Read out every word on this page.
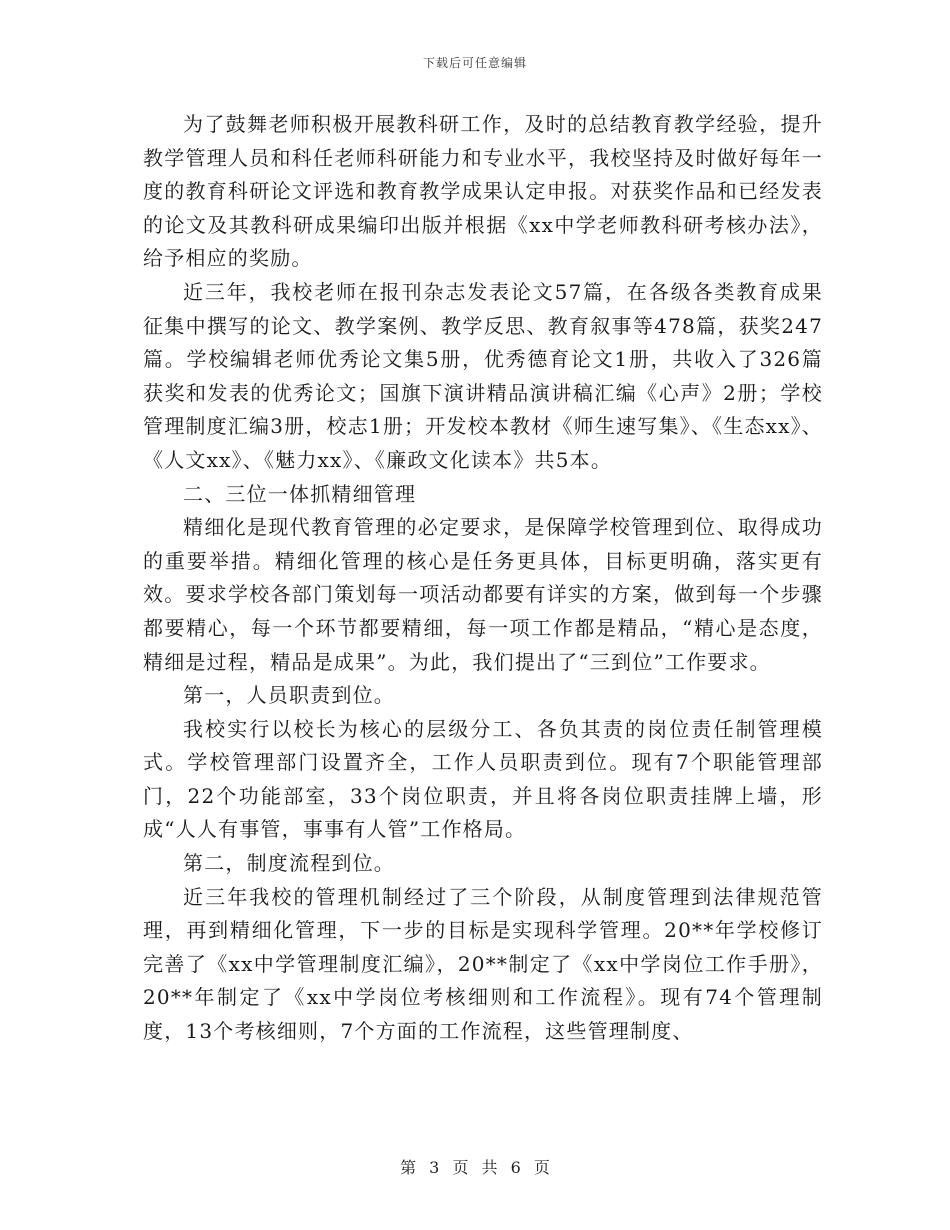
下载后可任意编辑

为了鼓舞老师积极开展教科研工作，及时的总结教育教学经验，提升教学管理人员和科任老师科研能力和专业水平，我校坚持及时做好每年一度的教育科研论文评选和教育教学成果认定申报。对获奖作品和已经发表的论文及其教科研成果编印出版并根据《xx中学老师教科研考核办法》，给予相应的奖励。

近三年，我校老师在报刊杂志发表论文57篇，在各级各类教育成果征集中撰写的论文、教学案例、教学反思、教育叙事等478篇，获奖247篇。学校编辑老师优秀论文集5册，优秀德育论文1册，共收入了326篇获奖和发表的优秀论文；国旗下演讲精品演讲稿汇编《心声》2册；学校管理制度汇编3册，校志1册；开发校本教材《师生速写集》、《生态xx》、《人文xx》、《魅力xx》、《廉政文化读本》共5本。

二、三位一体抓精细管理

精细化是现代教育管理的必定要求，是保障学校管理到位、取得成功的重要举措。精细化管理的核心是任务更具体，目标更明确，落实更有效。要求学校各部门策划每一项活动都要有详实的方案，做到每一个步骤都要精心，每一个环节都要精细，每一项工作都是精品，“精心是态度，精细是过程，精品是成果”。为此，我们提出了“三到位”工作要求。

第一，人员职责到位。

我校实行以校长为核心的层级分工、各负其责的岗位责任制管理模式。学校管理部门设置齐全，工作人员职责到位。现有7个职能管理部门，22个功能部室，33个岗位职责，并且将各岗位职责挂牌上墙，形成“人人有事管，事事有人管”工作格局。

第二，制度流程到位。

近三年我校的管理机制经过了三个阶段，从制度管理到法律规范管理，再到精细化管理，下一步的目标是实现科学管理。20**年学校修订完善了《xx中学管理制度汇编》，20**制定了《xx中学岗位工作手册》，20**年制定了《xx中学岗位考核细则和工作流程》。现有74个管理制度，13个考核细则，7个方面的工作流程，这些管理制度、

第 3 页 共 6 页
